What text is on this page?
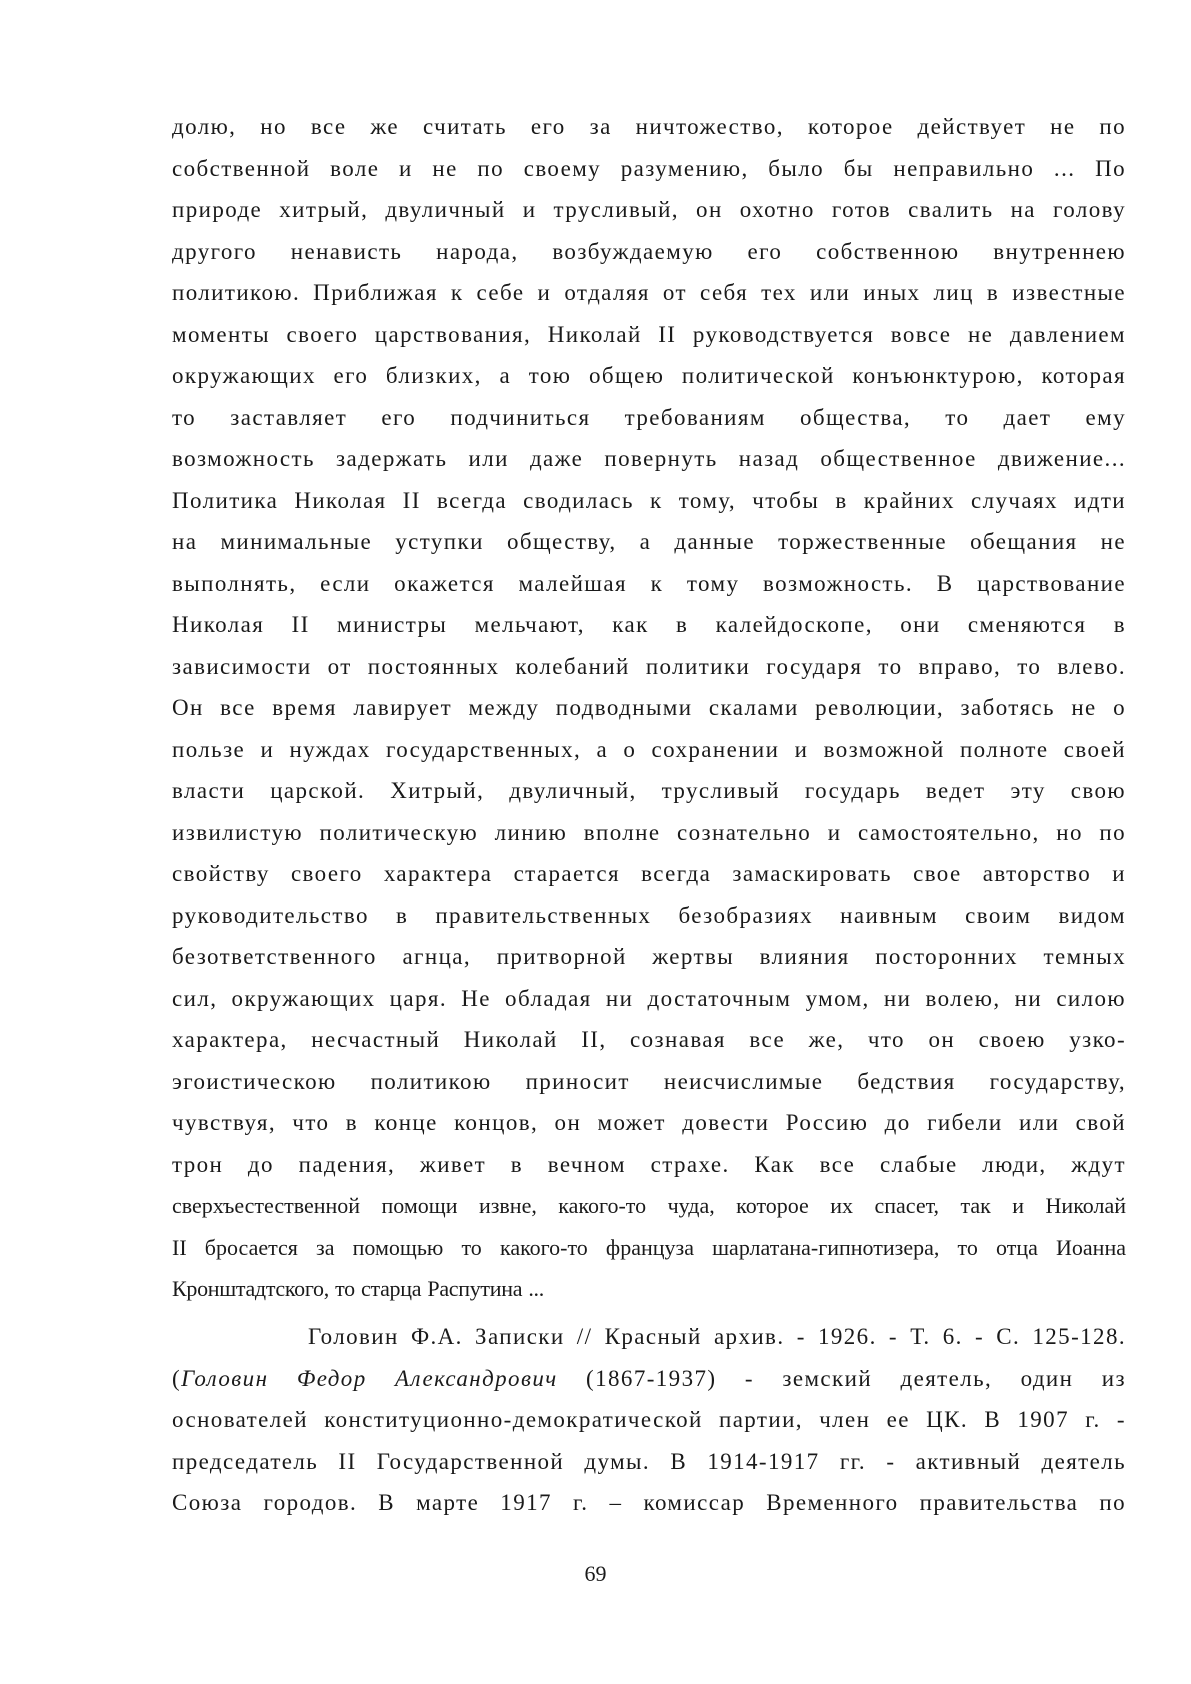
долю, но все же считать его за ничтожество, которое действует не по
собственной воле и не по своему разумению, было бы неправильно ... По
природе хитрый, двуличный и трусливый, он охотно готов свалить на голову
другого ненависть народа, возбуждаемую его собственною внутреннею
политикою. Приближая к себе и отдаляя от себя тех или иных лиц в известные
моменты своего царствования, Николай II руководствуется вовсе не давлением
окружающих его близких, а тою общею политической конъюнктурою, которая
то заставляет его подчиниться требованиям общества, то дает ему
возможность задержать или даже повернуть назад общественное движение...
Политика Николая II всегда сводилась к тому, чтобы в крайних случаях идти
на минимальные уступки обществу, а данные торжественные обещания не
выполнять, если окажется малейшая к тому возможность. В царствование
Николая II министры мельчают, как в калейдоскопе, они сменяются в
зависимости от постоянных колебаний политики государя то вправо, то влево.
Он все время лавирует между подводными скалами революции, заботясь не о
пользе и нуждах государственных, а о сохранении и возможной полноте своей
власти царской. Хитрый, двуличный, трусливый государь ведет эту свою
извилистую политическую линию вполне сознательно и самостоятельно, но по
свойству своего характера старается всегда замаскировать свое авторство и
руководительство в правительственных безобразиях наивным своим видом
безответственного агнца, притворной жертвы влияния посторонних темных
сил, окружающих царя. Не обладая ни достаточным умом, ни волею, ни силою
характера, несчастный Николай II, сознавая все же, что он своею узко-
эгоистическою политикою приносит неисчислимые бедствия государству,
чувствуя, что в конце концов, он может довести Россию до гибели или свой
трон до падения, живет в вечном страхе. Как все слабые люди, ждут
сверхъестественной помощи извне, какого-то чуда, которое их спасет, так и Николай
II бросается за помощью то какого-то француза шарлатана-гипнотизера, то отца Иоанна
Кронштадтского, то старца Распутина ...
Головин Ф.А. Записки // Красный архив. - 1926. - Т. 6. - С. 125-128.
(Головин Федор Александрович (1867-1937) - земский деятель, один из
основателей конституционно-демократической партии, член ее ЦК. В 1907 г. -
председатель II Государственной думы. В 1914-1917 гг. - активный деятель
Союза городов. В марте 1917 г. – комиссар Временного правительства по
69
